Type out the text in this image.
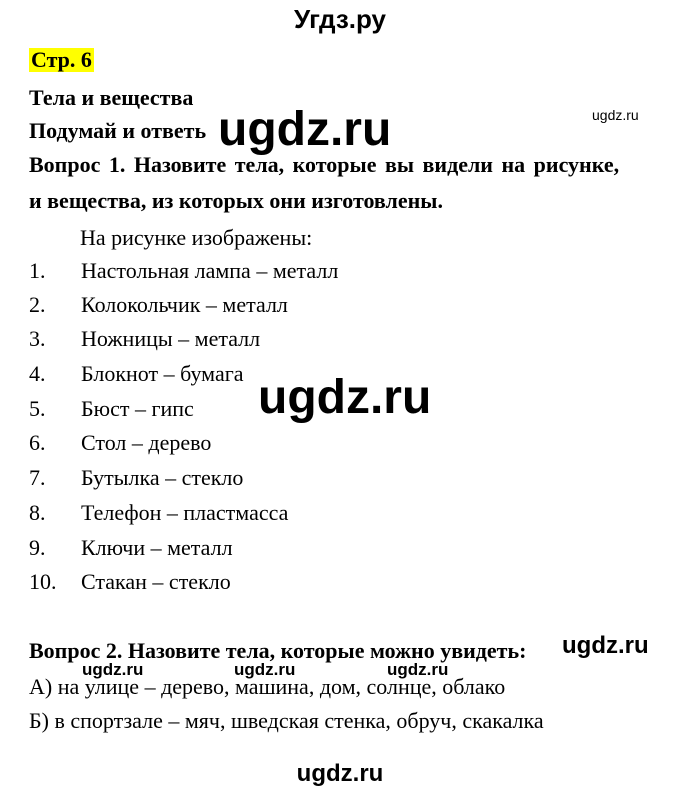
Угдз.ру
Стр. 6
Тела и вещества
ugdz.ru
Подумай и ответь ugdz.ru
Вопрос 1. Назовите тела, которые вы видели на рисунке,
и вещества, из которых они изготовлены.
На рисунке изображены:
1. Настольная лампа – металл
2. Колокольчик – металл
3. Ножницы – металл
4. Блокнот – бумага
5. Бюст – гипс
6. Стол – дерево
7. Бутылка – стекло
8. Телефон – пластмасса
9. Ключи – металл
10. Стакан – стекло
ugdz.ru
Вопрос 2. Назовите тела, которые можно увидеть: ugdz.ru
ugdz.ru	ugdz.ru	ugdz.ru
А) на улице – дерево, машина, дом, солнце, облако
Б) в спортзале – мяч, шведская стенка, обруч, скакалка
ugdz.ru
